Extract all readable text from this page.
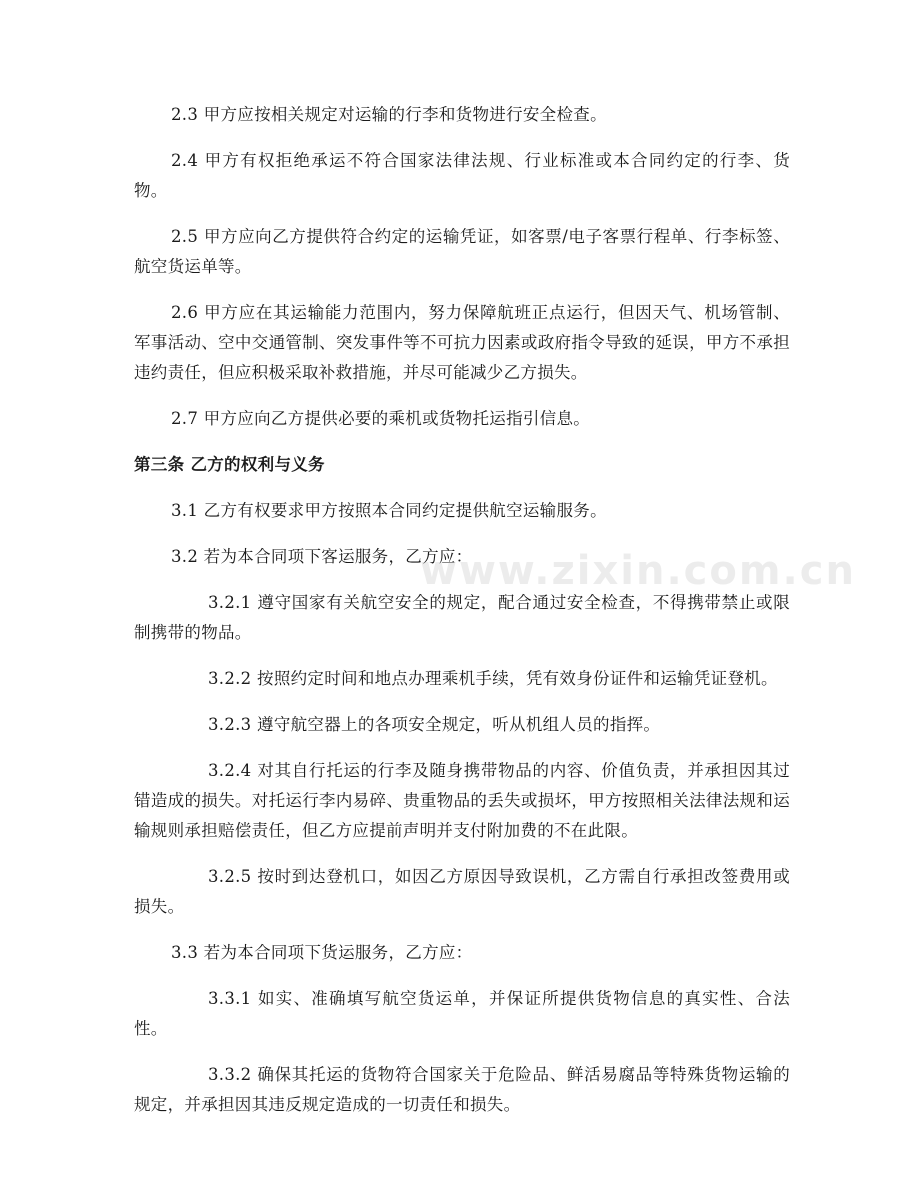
2.3 甲方应按相关规定对运输的行李和货物进行安全检查。

2.4 甲方有权拒绝承运不符合国家法律法规、行业标准或本合同约定的行李、货物。

2.5 甲方应向乙方提供符合约定的运输凭证，如客票/电子客票行程单、行李标签、航空货运单等。

2.6 甲方应在其运输能力范围内，努力保障航班正点运行，但因天气、机场管制、军事活动、空中交通管制、突发事件等不可抗力因素或政府指令导致的延误，甲方不承担违约责任，但应积极采取补救措施，并尽可能减少乙方损失。

2.7 甲方应向乙方提供必要的乘机或货物托运指引信息。

第三条 乙方的权利与义务

3.1 乙方有权要求甲方按照本合同约定提供航空运输服务。

3.2 若为本合同项下客运服务，乙方应：

3.2.1 遵守国家有关航空安全的规定，配合通过安全检查，不得携带禁止或限制携带的物品。

3.2.2 按照约定时间和地点办理乘机手续，凭有效身份证件和运输凭证登机。

3.2.3 遵守航空器上的各项安全规定，听从机组人员的指挥。

3.2.4 对其自行托运的行李及随身携带物品的内容、价值负责，并承担因其过错造成的损失。对托运行李内易碎、贵重物品的丢失或损坏，甲方按照相关法律法规和运输规则承担赔偿责任，但乙方应提前声明并支付附加费的不在此限。

3.2.5 按时到达登机口，如因乙方原因导致误机，乙方需自行承担改签费用或损失。

3.3 若为本合同项下货运服务，乙方应：

3.3.1 如实、准确填写航空货运单，并保证所提供货物信息的真实性、合法性。

3.3.2 确保其托运的货物符合国家关于危险品、鲜活易腐品等特殊货物运输的规定，并承担因其违反规定造成的一切责任和损失。

www.zixin.com.cn
